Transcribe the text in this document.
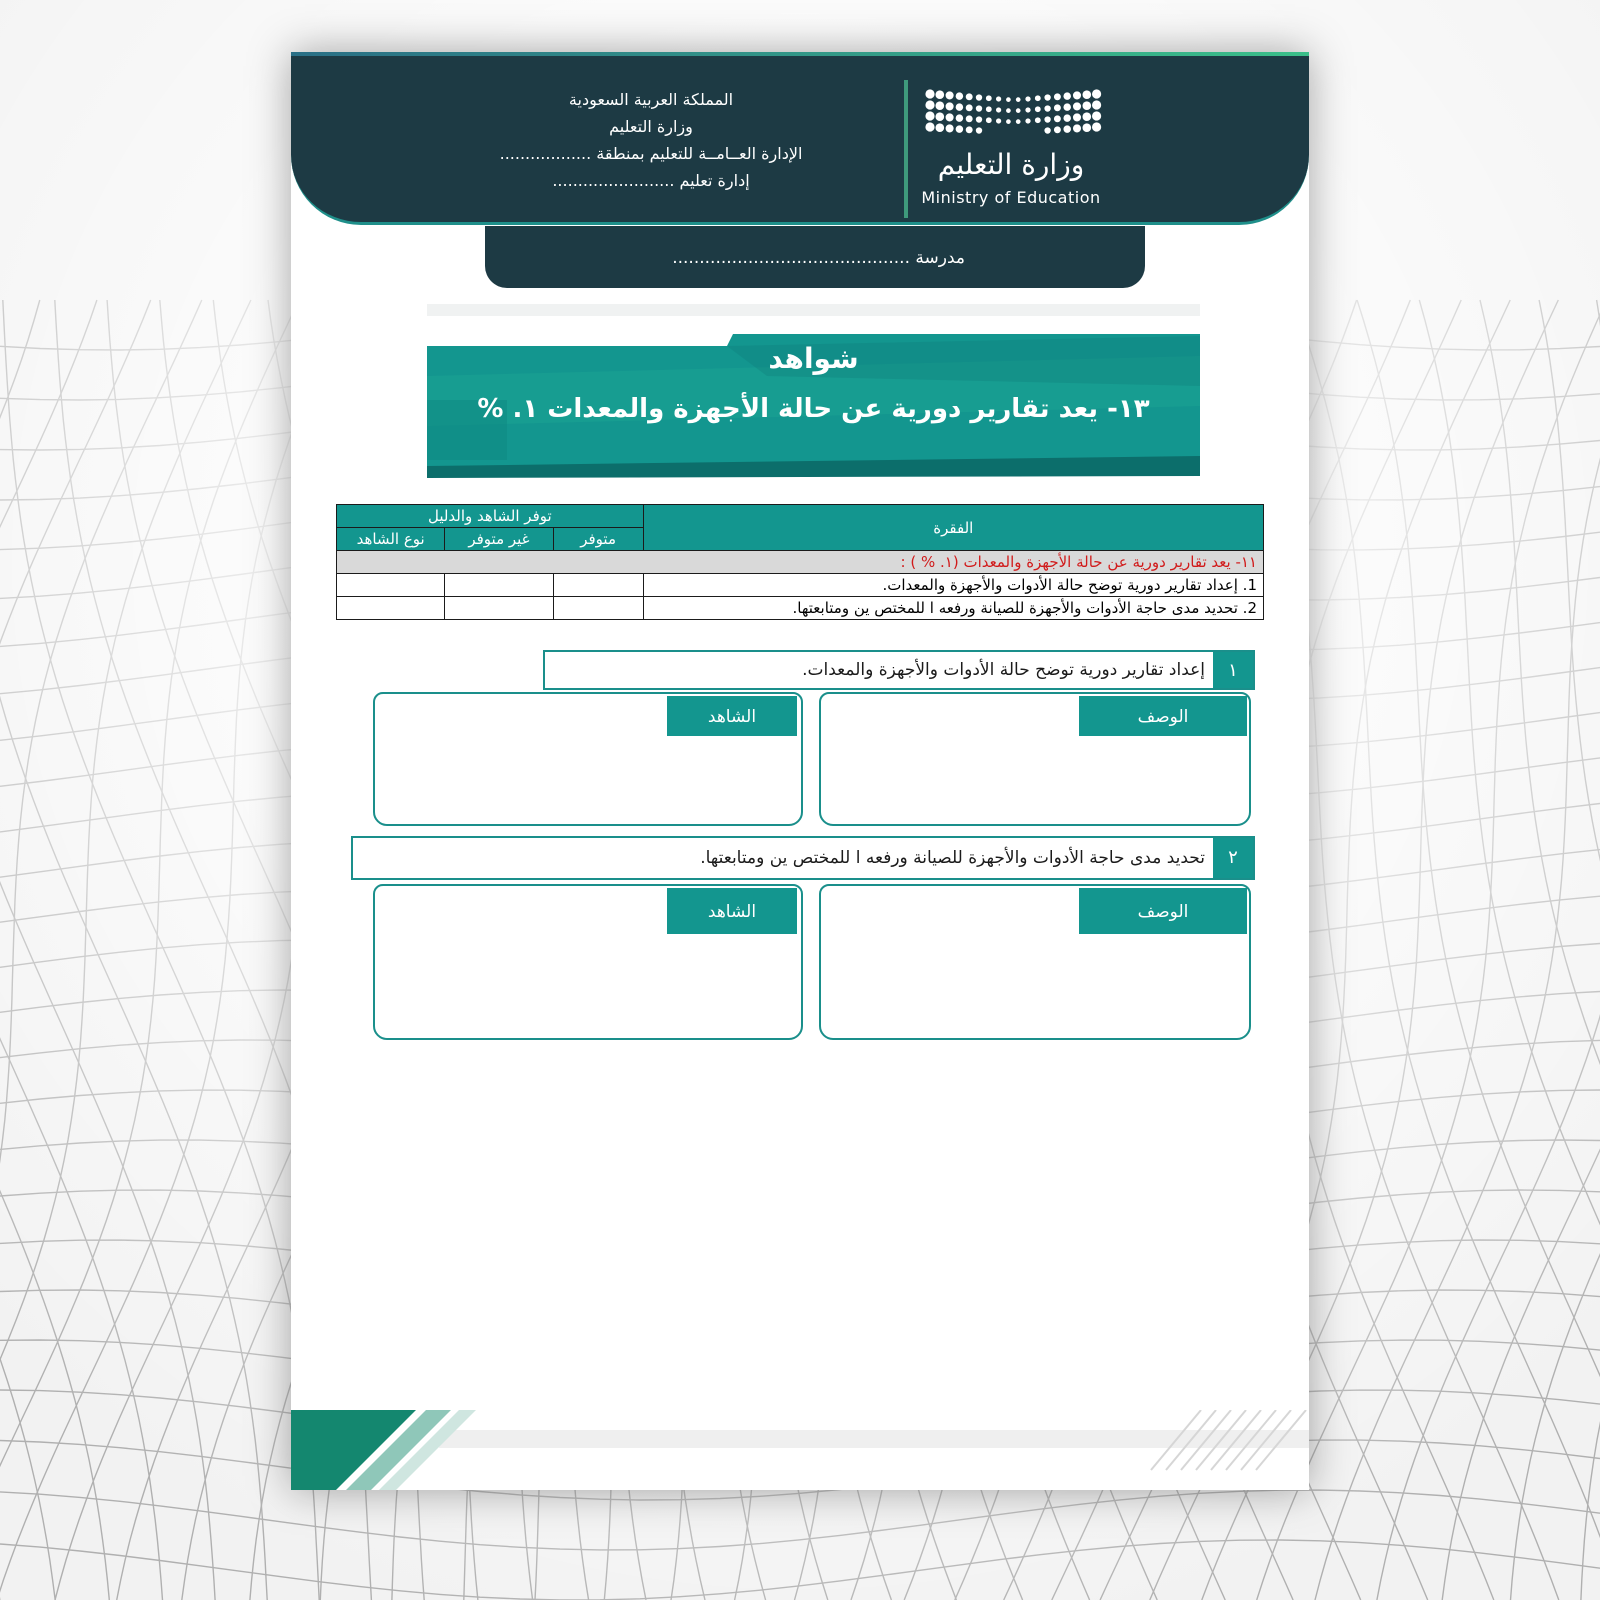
وزارة التعليم
Ministry of Education
المملكة العربية السعودية
وزارة التعليم
الإدارة العــامــة للتعليم بمنطقة ..................
إدارة تعليم ........................
مدرسة ............................................
شواهد
١٣- يعد تقارير دورية عن حالة الأجهزة والمعدات ١. %
الفقرة	توفر الشاهد والدليل		
	متوفر	غير متوفر	نوع الشاهد
١١- يعد تقارير دورية عن حالة الأجهزة والمعدات (١. % ) :			
1. إعداد تقارير دورية توضح حالة الأدوات والأجهزة والمعدات.			
2. تحديد مدى حاجة الأدوات والأجهزة للصيانة ورفعه ا للمختص ين ومتابعتها.			
١
إعداد تقارير دورية توضح حالة الأدوات والأجهزة والمعدات.
الوصف
الشاهد
٢
تحديد مدى حاجة الأدوات والأجهزة للصيانة ورفعه ا للمختص ين ومتابعتها.
الوصف
الشاهد
